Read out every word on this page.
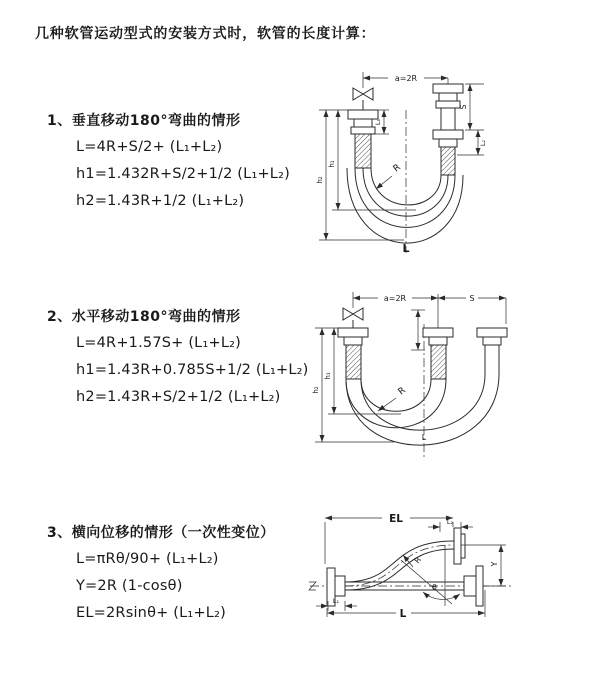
几种软管运动型式的安装方式时，软管的长度计算：
1、垂直移动180°弯曲的情形
L=4R+S/2+ (L₁+L₂)
h1=1.432R+S/2+1/2 (L₁+L₂)
h2=1.43R+1/2 (L₁+L₂)
2、水平移动180°弯曲的情形
L=4R+1.57S+ (L₁+L₂)
h1=1.43R+0.785S+1/2 (L₁+L₂)
h2=1.43R+S/2+1/2 (L₁+L₂)
3、横向位移的情形（一次性变位）
L=πRθ/90+ (L₁+L₂)
Y=2R (1-cosθ)
EL=2Rsinθ+ (L₁+L₂)
a=2R
h₁
h₂
L₁
S
L₂
R
L
a=2R	S
h₁
h₂	R
L
EL	L₂
Y
θ
R
L₁
L
